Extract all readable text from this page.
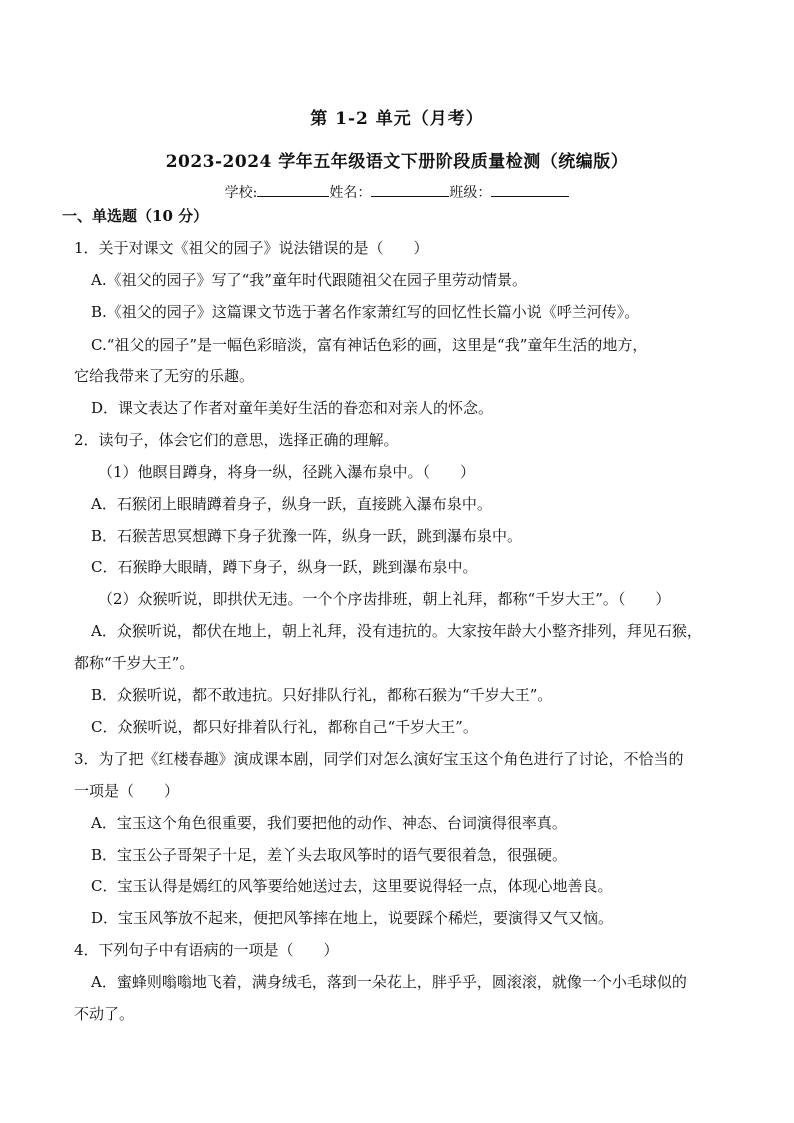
第 1-2 单元（月考）
2023-2024 学年五年级语文下册阶段质量检测（统编版）
学校:	姓名：	班级：
一、单选题（10 分）
1．关于对课文《祖父的园子》说法错误的是（　　）
A.《祖父的园子》写了“我”童年时代跟随祖父在园子里劳动情景。
B.《祖父的园子》这篇课文节选于著名作家萧红写的回忆性长篇小说《呼兰河传》。
C.“祖父的园子”是一幅色彩暗淡，富有神话色彩的画，这里是“我”童年生活的地方，
它给我带来了无穷的乐趣。
D．课文表达了作者对童年美好生活的眷恋和对亲人的怀念。
2．读句子，体会它们的意思，选择正确的理解。
（1）他瞑目蹲身，将身一纵，径跳入瀑布泉中。（　　）
A．石猴闭上眼睛蹲着身子，纵身一跃，直接跳入瀑布泉中。
B．石猴苦思冥想蹲下身子犹豫一阵，纵身一跃，跳到瀑布泉中。
C．石猴睁大眼睛，蹲下身子，纵身一跃，跳到瀑布泉中。
（2）众猴听说，即拱伏无违。一个个序齿排班，朝上礼拜，都称“千岁大王”。（　　）
A．众猴听说，都伏在地上，朝上礼拜，没有违抗的。大家按年龄大小整齐排列，拜见石猴，
都称“千岁大王”。
B．众猴听说，都不敢违抗。只好排队行礼，都称石猴为“千岁大王”。
C．众猴听说，都只好排着队行礼，都称自己“千岁大王”。
3．为了把《红楼春趣》演成课本剧，同学们对怎么演好宝玉这个角色进行了讨论，不恰当的
一项是（　　）
A．宝玉这个角色很重要，我们要把他的动作、神态、台词演得很率真。
B．宝玉公子哥架子十足，差丫头去取风筝时的语气要很着急，很强硬。
C．宝玉认得是嫣红的风筝要给她送过去，这里要说得轻一点，体现心地善良。
D．宝玉风筝放不起来，便把风筝摔在地上，说要踩个稀烂，要演得又气又恼。
4．下列句子中有语病的一项是（　　）
A．蜜蜂则嗡嗡地飞着，满身绒毛，落到一朵花上，胖乎乎，圆滚滚，就像一个小毛球似的
不动了。
